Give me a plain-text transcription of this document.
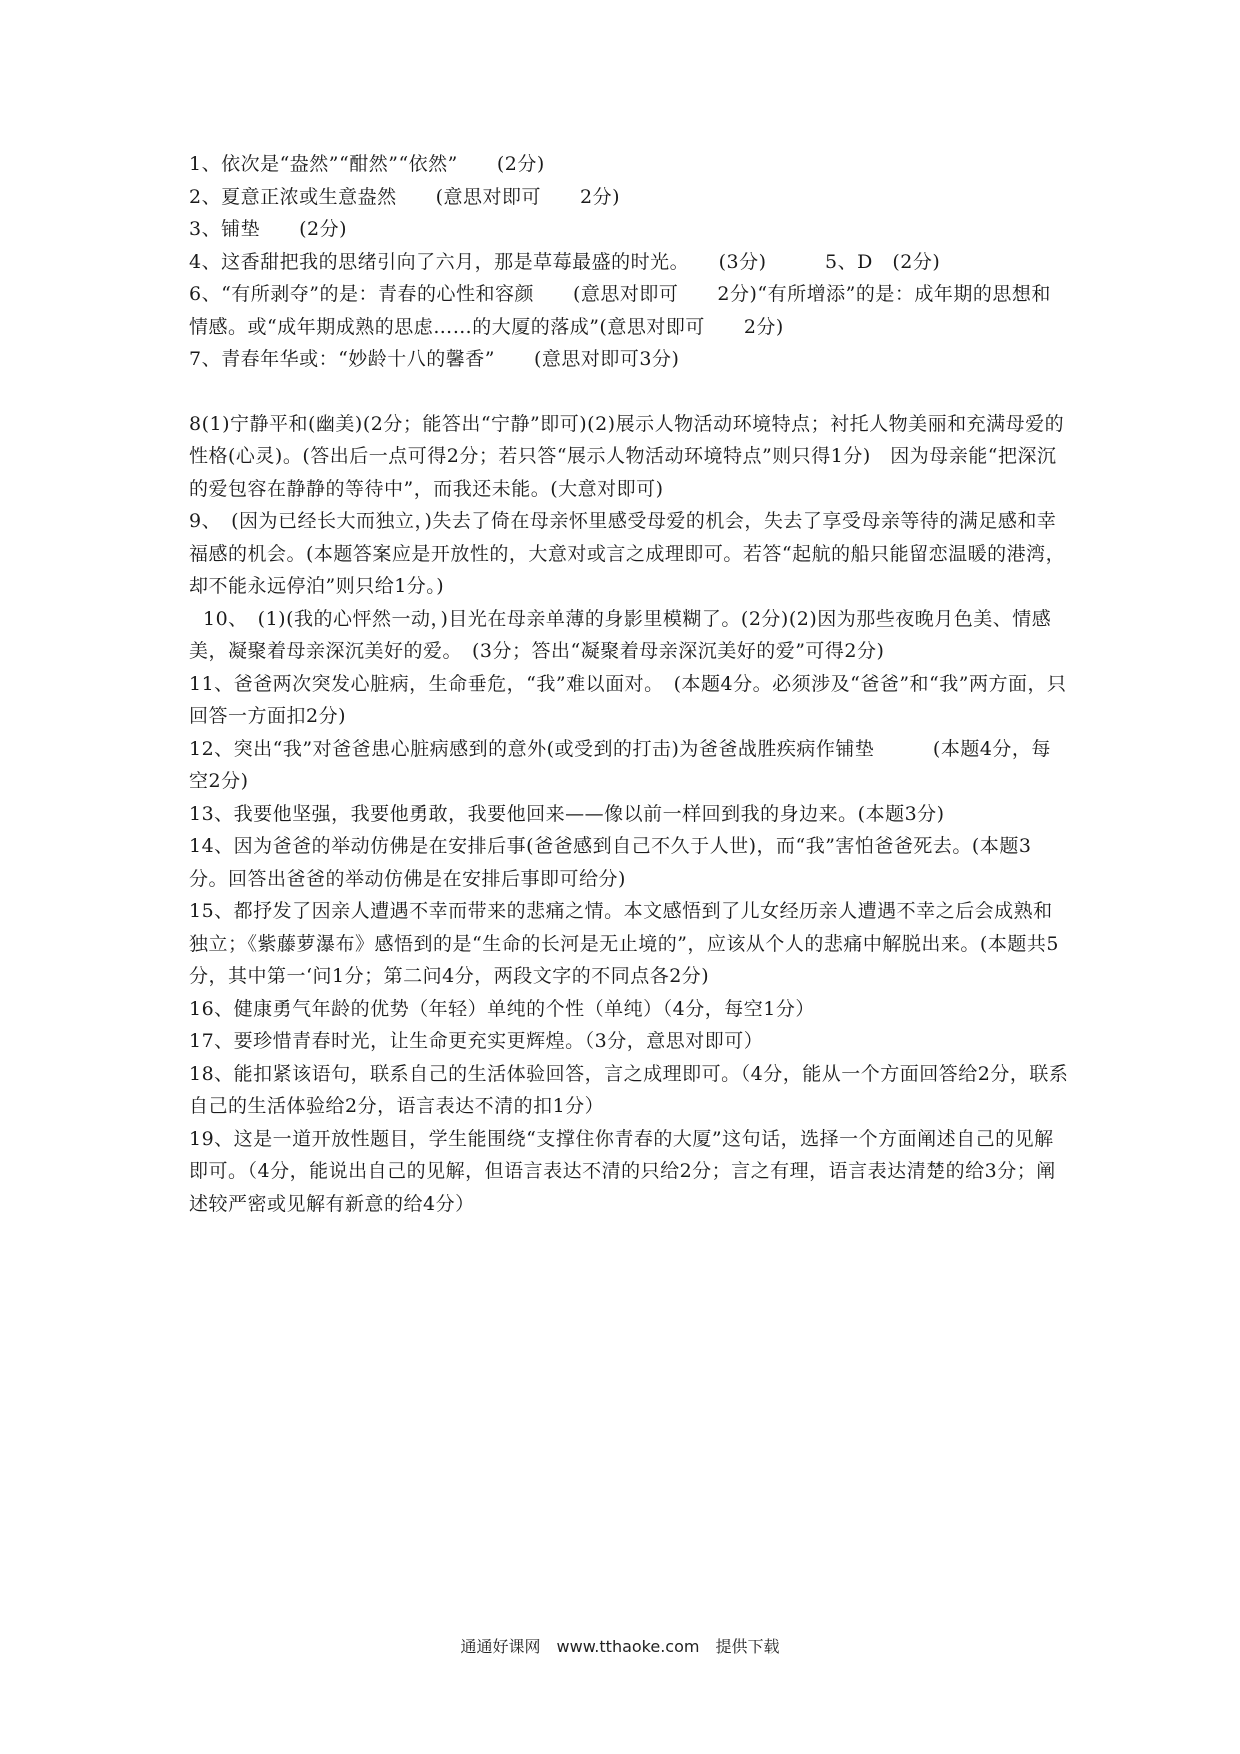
1、依次是“盎然”“酣然”“依然”　　(2分)

2、夏意正浓或生意盎然　　(意思对即可　　2分)

3、铺垫　　(2分)

4、这香甜把我的思绪引向了六月，那是草莓最盛的时光。　　(3分)　　　5、D　(2分)

6、“有所剥夺”的是：青春的心性和容颜　　(意思对即可　　2分)“有所增添”的是：成年期的思想和情感。或“成年期成熟的思虑……的大厦的落成”(意思对即可　　2分)

7、青春年华或：“妙龄十八的馨香”　　(意思对即可3分)

8(1)宁静平和(幽美)(2分；能答出“宁静”即可)(2)展示人物活动环境特点；衬托人物美丽和充满母爱的性格(心灵)。(答出后一点可得2分；若只答“展示人物活动环境特点”则只得1分)　因为母亲能“把深沉的爱包容在静静的等待中”，而我还未能。(大意对即可)

9、　(因为已经长大而独立，)失去了倚在母亲怀里感受母爱的机会，失去了享受母亲等待的满足感和幸福感的机会。(本题答案应是开放性的，大意对或言之成理即可。若答“起航的船只能留恋温暖的港湾，却不能永远停泊”则只给1分。)

10、　(1)(我的心怦然一动，)目光在母亲单薄的身影里模糊了。(2分)(2)因为那些夜晚月色美、情感美，凝聚着母亲深沉美好的爱。　(3分；答出“凝聚着母亲深沉美好的爱”可得2分)

11、爸爸两次突发心脏病，生命垂危，“我”难以面对。　(本题4分。必须涉及“爸爸”和“我”两方面，只回答一方面扣2分)

12、突出“我”对爸爸患心脏病感到的意外(或受到的打击)为爸爸战胜疾病作铺垫　　　(本题4分，每空2分)

13、我要他坚强，我要他勇敢，我要他回来——像以前一样回到我的身边来。(本题3分)

14、因为爸爸的举动仿佛是在安排后事(爸爸感到自己不久于人世)，而“我”害怕爸爸死去。(本题3分。回答出爸爸的举动仿佛是在安排后事即可给分)

15、都抒发了因亲人遭遇不幸而带来的悲痛之情。本文感悟到了儿女经历亲人遭遇不幸之后会成熟和独立；《紫藤萝瀑布》感悟到的是“生命的长河是无止境的”，应该从个人的悲痛中解脱出来。(本题共5分，其中第一‘问1分；第二问4分，两段文字的不同点各2分)

16、健康勇气年龄的优势（年轻）单纯的个性（单纯）（4分，每空1分）

17、要珍惜青春时光，让生命更充实更辉煌。（3分，意思对即可）

18、能扣紧该语句，联系自己的生活体验回答，言之成理即可。（4分，能从一个方面回答给2分，联系自己的生活体验给2分，语言表达不清的扣1分）

19、这是一道开放性题目，学生能围绕“支撑住你青春的大厦”这句话，选择一个方面阐述自己的见解即可。（4分，能说出自己的见解，但语言表达不清的只给2分；言之有理，语言表达清楚的给3分；阐述较严密或见解有新意的给4分）

通通好课网　www.tthaoke.com　提供下载
